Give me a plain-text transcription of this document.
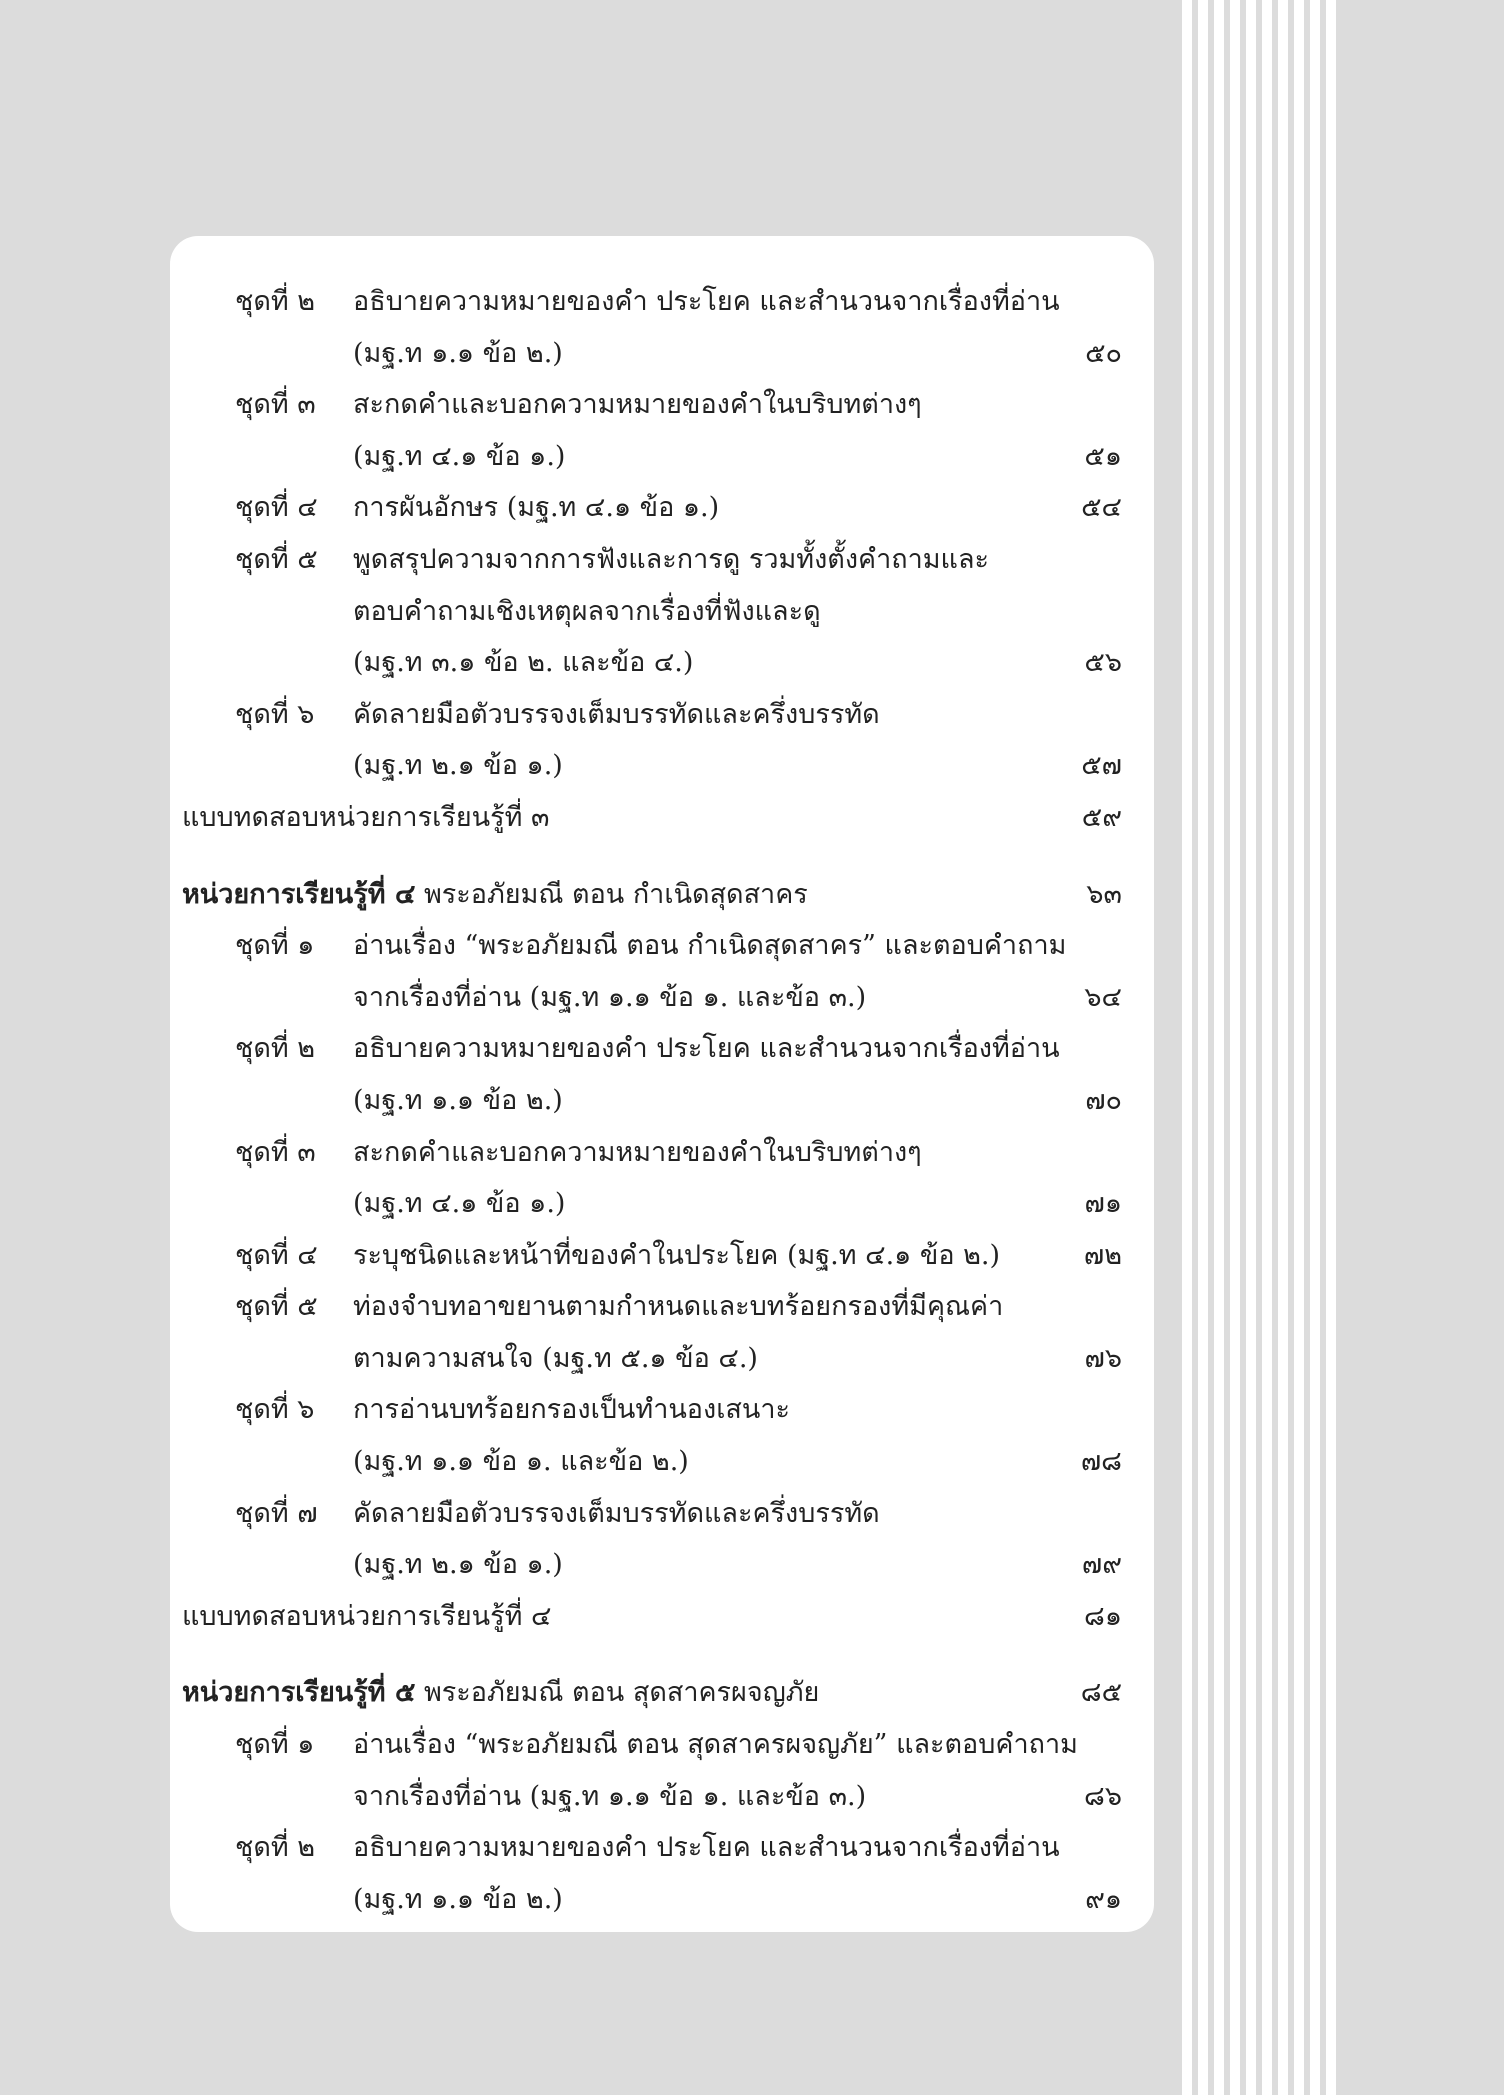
ชุดที่ ๒ อธิบายความหมายของคำ ประโยค และสำนวนจากเรื่องที่อ่าน
(มฐ.ท ๑.๑ ข้อ ๒.)	๕๐
ชุดที่ ๓ สะกดคำและบอกความหมายของคำในบริบทต่างๆ
(มฐ.ท ๔.๑ ข้อ ๑.)	๕๑
ชุดที่ ๔ การผันอักษร (มฐ.ท ๔.๑ ข้อ ๑.)	๕๔
ชุดที่ ๕ พูดสรุปความจากการฟังและการดู รวมทั้งตั้งคำถามและ
ตอบคำถามเชิงเหตุผลจากเรื่องที่ฟังและดู
(มฐ.ท ๓.๑ ข้อ ๒. และข้อ ๔.)	๕๖
ชุดที่ ๖ คัดลายมือตัวบรรจงเต็มบรรทัดและครึ่งบรรทัด
(มฐ.ท ๒.๑ ข้อ ๑.)	๕๗
แบบทดสอบหน่วยการเรียนรู้ที่ ๓	๕๙
หน่วยการเรียนรู้ที่ ๔ พระอภัยมณี ตอน กำเนิดสุดสาคร	๖๓
ชุดที่ ๑ อ่านเรื่อง “พระอภัยมณี ตอน กำเนิดสุดสาคร” และตอบคำถาม
จากเรื่องที่อ่าน (มฐ.ท ๑.๑ ข้อ ๑. และข้อ ๓.)	๖๔
ชุดที่ ๒ อธิบายความหมายของคำ ประโยค และสำนวนจากเรื่องที่อ่าน
(มฐ.ท ๑.๑ ข้อ ๒.)	๗๐
ชุดที่ ๓ สะกดคำและบอกความหมายของคำในบริบทต่างๆ
(มฐ.ท ๔.๑ ข้อ ๑.)	๗๑
ชุดที่ ๔ ระบุชนิดและหน้าที่ของคำในประโยค (มฐ.ท ๔.๑ ข้อ ๒.)	๗๒
ชุดที่ ๕ ท่องจำบทอาขยานตามกำหนดและบทร้อยกรองที่มีคุณค่า
ตามความสนใจ (มฐ.ท ๕.๑ ข้อ ๔.)	๗๖
ชุดที่ ๖ การอ่านบทร้อยกรองเป็นทำนองเสนาะ
(มฐ.ท ๑.๑ ข้อ ๑. และข้อ ๒.)	๗๘
ชุดที่ ๗ คัดลายมือตัวบรรจงเต็มบรรทัดและครึ่งบรรทัด
(มฐ.ท ๒.๑ ข้อ ๑.)	๗๙
แบบทดสอบหน่วยการเรียนรู้ที่ ๔	๘๑
หน่วยการเรียนรู้ที่ ๕ พระอภัยมณี ตอน สุดสาครผจญภัย	๘๕
ชุดที่ ๑ อ่านเรื่อง “พระอภัยมณี ตอน สุดสาครผจญภัย” และตอบคำถาม
จากเรื่องที่อ่าน (มฐ.ท ๑.๑ ข้อ ๑. และข้อ ๓.)	๘๖
ชุดที่ ๒ อธิบายความหมายของคำ ประโยค และสำนวนจากเรื่องที่อ่าน
(มฐ.ท ๑.๑ ข้อ ๒.)	๙๑
